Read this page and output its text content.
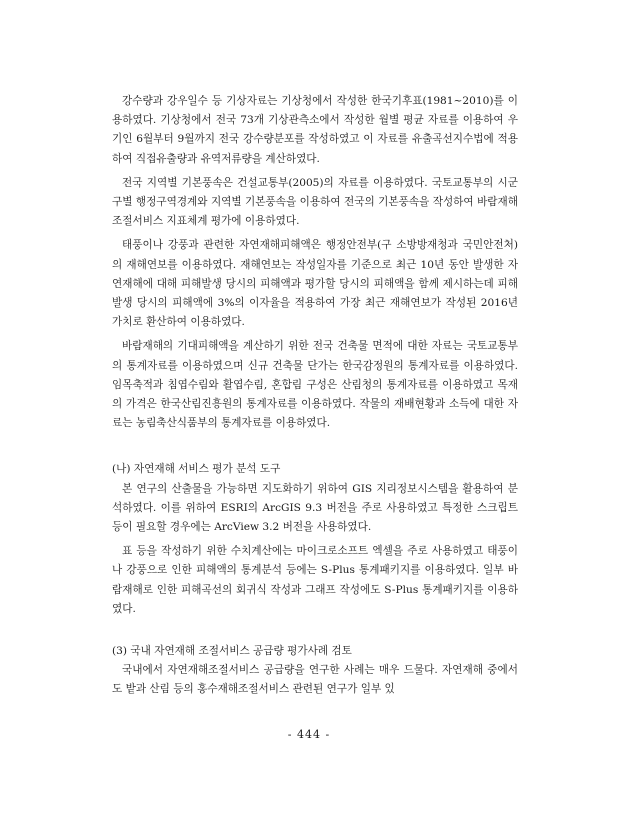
강수량과 강우일수 등 기상자료는 기상청에서 작성한 한국기후표(1981~2010)를 이용하였다. 기상청에서 전국 73개 기상관측소에서 작성한 월별 평균 자료를 이용하여 우기인 6월부터 9월까지 전국 강수량분포를 작성하였고 이 자료를 유출곡선지수법에 적용하여 직접유출량과 유역저류량을 계산하였다.

전국 지역별 기본풍속은 건설교통부(2005)의 자료를 이용하였다. 국토교통부의 시군구별 행정구역경계와 지역별 기본풍속을 이용하여 전국의 기본풍속을 작성하여 바람재해조절서비스 지표체계 평가에 이용하였다.

태풍이나 강풍과 관련한 자연재해피해액은 행정안전부(구 소방방재청과 국민안전처)의 재해연보를 이용하였다. 재해연보는 작성일자를 기준으로 최근 10년 동안 발생한 자연재해에 대해 피해발생 당시의 피해액과 평가할 당시의 피해액을 함께 제시하는데 피해발생 당시의 피해액에 3%의 이자율을 적용하여 가장 최근 재해연보가 작성된 2016년 가치로 환산하여 이용하였다.

바람재해의 기대피해액을 계산하기 위한 전국 건축물 면적에 대한 자료는 국토교통부의 통계자료를 이용하였으며 신규 건축물 단가는 한국감정원의 통계자료를 이용하였다. 임목축적과 침엽수림와 활엽수림, 혼합림 구성은 산림청의 통계자료를 이용하였고 목재의 가격은 한국산림진흥원의 통계자료를 이용하였다. 작물의 재배현황과 소득에 대한 자료는 농림축산식품부의 통계자료를 이용하였다.

(나) 자연재해 서비스 평가 분석 도구

본 연구의 산출물을 가능하면 지도화하기 위하여 GIS 지리정보시스템을 활용하여 분석하였다. 이를 위하여 ESRI의 ArcGIS 9.3 버전을 주로 사용하였고 특정한 스크립트 등이 필요할 경우에는 ArcView 3.2 버전을 사용하였다.

표 등을 작성하기 위한 수치계산에는 마이크로소프트 엑셀을 주로 사용하였고 태풍이나 강풍으로 인한 피해액의 통계분석 등에는 S-Plus 통계패키지를 이용하였다. 일부 바람재해로 인한 피해곡선의 회귀식 작성과 그래프 작성에도 S-Plus 통계패키지를 이용하였다.

(3) 국내 자연재해 조절서비스 공급량 평가사례 검토

국내에서 자연재해조절서비스 공급량을 연구한 사례는 매우 드물다. 자연재해 중에서도 밭과 산림 등의 홍수재해조절서비스 관련된 연구가 일부 있

- 444 -
